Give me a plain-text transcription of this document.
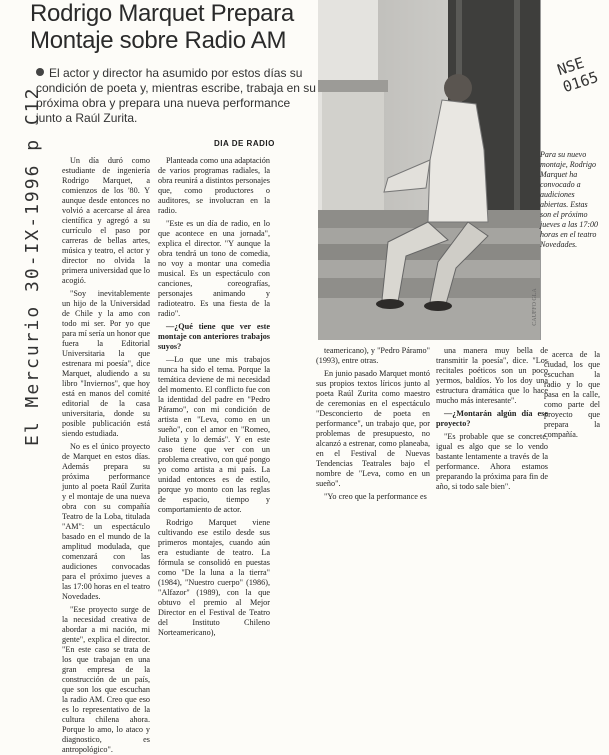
Rodrigo Marquet Prepara
Montaje sobre Radio AM
El actor y director ha asumido por estos días su condición de poeta y, mientras escribe, trabaja en su próxima obra y prepara una nueva performance junto a Raúl Zurita.
El Mercurio 30-IX-1996 p C12
NSE 0165

Un día duró como estudiante de ingeniería Rodrigo Marquet, a comienzos de los '80. Y aunque desde entonces no volvió a acercarse al área científica y agregó a su currículo el paso por carreras de bellas artes, música y teatro, el actor y director no olvida la primera universidad que lo acogió.

"Soy inevitablemente un hijo de la Universidad de Chile y la amo con todo mi ser. Por yo que para mí sería un honor que fuera la Editorial Universitaria la que estrenara mi poesía", dice Marquet, aludiendo a su libro "Inviernos", que hoy está en manos del comité editorial de la casa universitaria, donde su posible publicación está siendo estudiada.

No es el único proyecto de Marquet en estos días. Además prepara su próxima performance junto al poeta Raúl Zurita y el montaje de una nueva obra con su compañía Teatro de la Loba, titulada "AM": un espectáculo basado en el mundo de la amplitud modulada, que comenzará con las audiciones convocadas para el próximo jueves a las 17:00 horas en el teatro Novedades.

"Ese proyecto surge de la necesidad creativa de abordar a mi nación, mi gente", explica el director. "En este caso se trata de los que trabajan en una gran empresa de la construcción de un país, que son los que escuchan la radio AM. Creo que eso es lo representativo de la cultura chilena ahora. Porque lo amo, lo ataco y diagnostico, es antropológico".

DIA DE RADIO

Planteada como una adaptación de varios programas radiales, la obra reunirá a distintos personajes que, como productores o auditores, se involucran en la radio.

"Este es un día de radio, en lo que acontece en una jornada", explica el director. "Y aunque la obra tendrá un tono de comedia, no voy a montar una comedia musical. Es un espectáculo con canciones, coreografías, personajes animando y radioteatro. Es una fiesta de la radio".

—¿Qué tiene que ver este montaje con anteriores trabajos suyos?

—Lo que une mis trabajos nunca ha sido el tema. Porque la temática deviene de mi necesidad del momento. El conflicto fue con la identidad del padre en "Pedro Páramo", con mi condición de artista en "Leva, como en un sueño", con el amor en "Romeo, Julieta y lo demás". Y en este caso tiene que ver con un problema creativo, con qué pongo yo como artista a mi país. La unidad entonces es de estilo, porque yo monto con las reglas de espacio, tiempo y comportamiento de actor.

Rodrigo Marquet viene cultivando ese estilo desde sus primeros montajes, cuando aún era estudiante de teatro. La fórmula se consolidó en puestas como "De la luna a la tierra" (1984), "Nuestro cuerpo" (1986), "Alfazor" (1989), con la que obtuvo el premio al Mejor Director en el Festival de Teatro del Instituto Chileno Norteamericano),

CAUFFO GLA
Para su nuevo montaje, Rodrigo Marquet ha convocado a audiciones abiertas. Estas son el próximo jueves a las 17:00 horas en el teatro Novedades.

teamericano), y "Pedro Páramo" (1993), entre otras.

En junio pasado Marquet montó sus propios textos líricos junto al poeta Raúl Zurita como maestro de ceremonias en el espectáculo "Desconcierto de poeta en performance", un trabajo que, por problemas de presupuesto, no alcanzó a estrenar, como planeaba, en el Festival de Nuevas Tendencias Teatrales bajo el nombre de "Leva, como en un sueño".

"Yo creo que la performance es

una manera muy bella de transmitir la poesía", dice. "Los recitales poéticos son un poco yermos, baldíos. Yo los doy una estructura dramática que lo hace mucho más interesante".

—¿Montarán algún día ese proyecto?

"Es probable que se concrete, igual es algo que se lo vendo bastante lentamente a través de la performance. Ahora estamos preparando la próxima para fin de año, si todo sale bien".

acerca de la ciudad, los que escuchan la radio y lo que pasa en la calle, como parte del proyecto que prepara la compañía.
